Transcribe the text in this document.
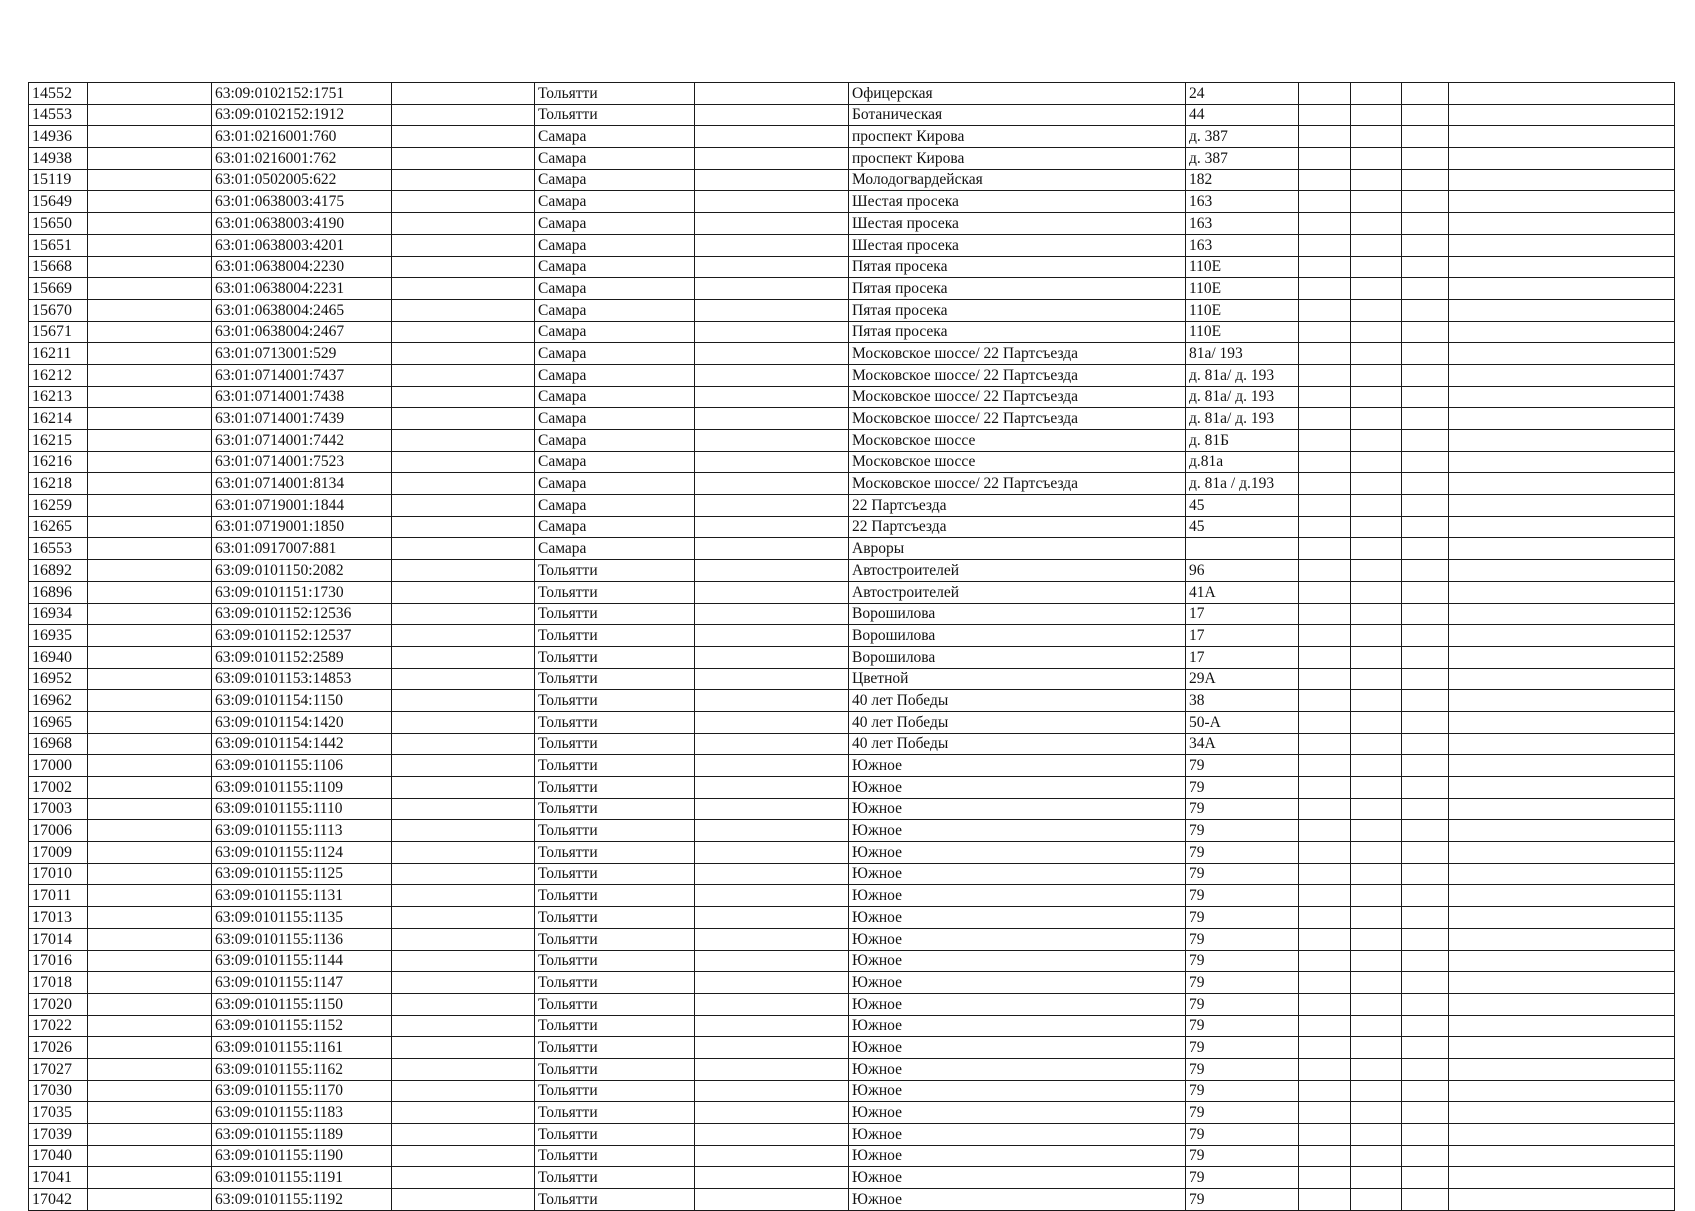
14552		63:09:0102152:1751		Тольятти		Офицерская	24				
14553		63:09:0102152:1912		Тольятти		Ботаническая	44				
14936		63:01:0216001:760		Самара		проспект Кирова	д. 387				
14938		63:01:0216001:762		Самара		проспект Кирова	д. 387				
15119		63:01:0502005:622		Самара		Молодогвардейская	182				
15649		63:01:0638003:4175		Самара		Шестая просека	163				
15650		63:01:0638003:4190		Самара		Шестая просека	163				
15651		63:01:0638003:4201		Самара		Шестая просека	163				
15668		63:01:0638004:2230		Самара		Пятая просека	110Е				
15669		63:01:0638004:2231		Самара		Пятая просека	110Е				
15670		63:01:0638004:2465		Самара		Пятая просека	110Е				
15671		63:01:0638004:2467		Самара		Пятая просека	110Е				
16211		63:01:0713001:529		Самара		Московское шоссе/ 22 Партсъезда	81а/ 193				
16212		63:01:0714001:7437		Самара		Московское шоссе/ 22 Партсъезда	д. 81а/ д. 193				
16213		63:01:0714001:7438		Самара		Московское шоссе/ 22 Партсъезда	д. 81а/ д. 193				
16214		63:01:0714001:7439		Самара		Московское шоссе/ 22 Партсъезда	д. 81а/ д. 193				
16215		63:01:0714001:7442		Самара		Московское шоссе	д. 81Б				
16216		63:01:0714001:7523		Самара		Московское шоссе	д.81а				
16218		63:01:0714001:8134		Самара		Московское шоссе/ 22 Партсъезда	д. 81а / д.193				
16259		63:01:0719001:1844		Самара		22 Партсъезда	45				
16265		63:01:0719001:1850		Самара		22 Партсъезда	45				
16553		63:01:0917007:881		Самара		Авроры					
16892		63:09:0101150:2082		Тольятти		Автостроителей	96				
16896		63:09:0101151:1730		Тольятти		Автостроителей	41А				
16934		63:09:0101152:12536		Тольятти		Ворошилова	17				
16935		63:09:0101152:12537		Тольятти		Ворошилова	17				
16940		63:09:0101152:2589		Тольятти		Ворошилова	17				
16952		63:09:0101153:14853		Тольятти		Цветной	29А				
16962		63:09:0101154:1150		Тольятти		40 лет Победы	38				
16965		63:09:0101154:1420		Тольятти		40 лет Победы	50-А				
16968		63:09:0101154:1442		Тольятти		40 лет Победы	34А				
17000		63:09:0101155:1106		Тольятти		Южное	79				
17002		63:09:0101155:1109		Тольятти		Южное	79				
17003		63:09:0101155:1110		Тольятти		Южное	79				
17006		63:09:0101155:1113		Тольятти		Южное	79				
17009		63:09:0101155:1124		Тольятти		Южное	79				
17010		63:09:0101155:1125		Тольятти		Южное	79				
17011		63:09:0101155:1131		Тольятти		Южное	79				
17013		63:09:0101155:1135		Тольятти		Южное	79				
17014		63:09:0101155:1136		Тольятти		Южное	79				
17016		63:09:0101155:1144		Тольятти		Южное	79				
17018		63:09:0101155:1147		Тольятти		Южное	79				
17020		63:09:0101155:1150		Тольятти		Южное	79				
17022		63:09:0101155:1152		Тольятти		Южное	79				
17026		63:09:0101155:1161		Тольятти		Южное	79				
17027		63:09:0101155:1162		Тольятти		Южное	79				
17030		63:09:0101155:1170		Тольятти		Южное	79				
17035		63:09:0101155:1183		Тольятти		Южное	79				
17039		63:09:0101155:1189		Тольятти		Южное	79				
17040		63:09:0101155:1190		Тольятти		Южное	79				
17041		63:09:0101155:1191		Тольятти		Южное	79				
17042		63:09:0101155:1192		Тольятти		Южное	79				
